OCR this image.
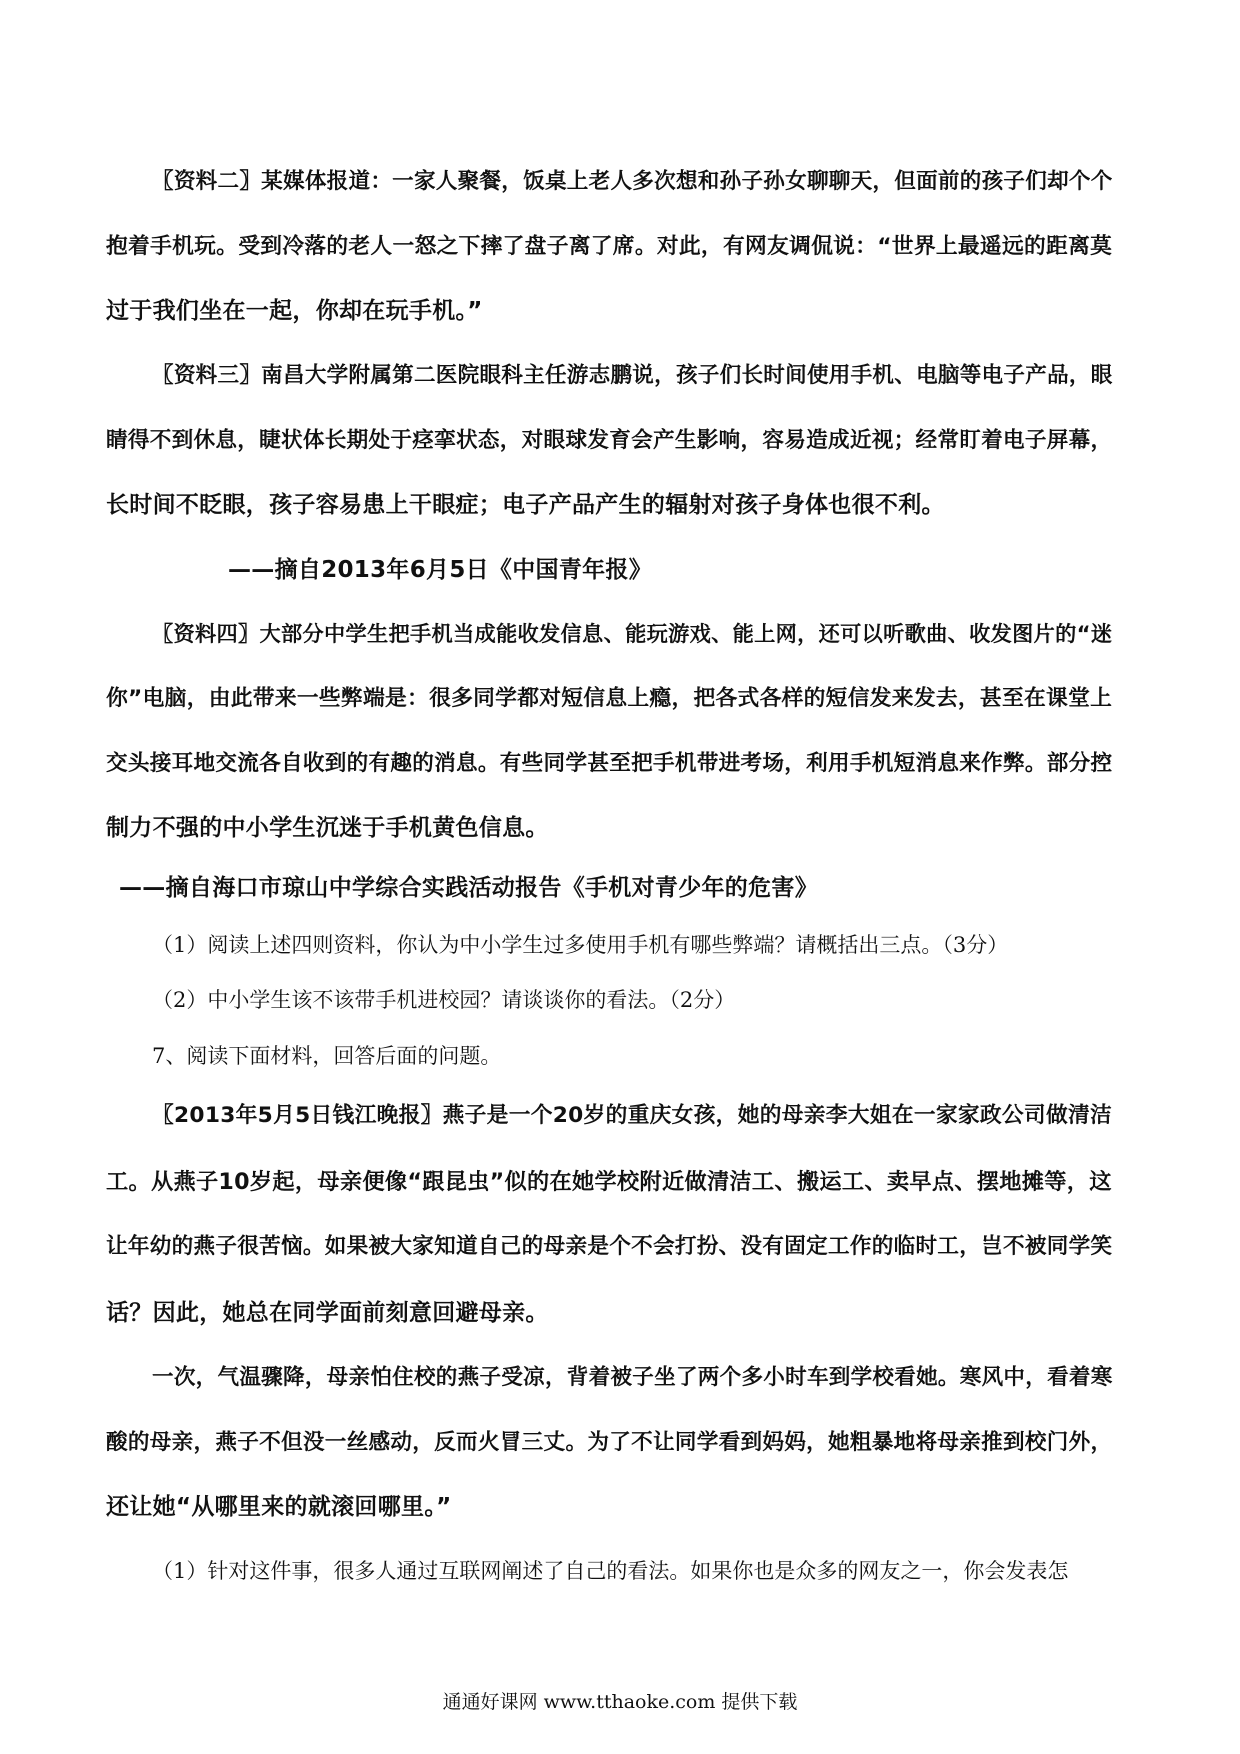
〖资料二〗某媒体报道：一家人聚餐，饭桌上老人多次想和孙子孙女聊聊天，但面前的孩子们却个个
抱着手机玩。受到冷落的老人一怒之下摔了盘子离了席。对此，有网友调侃说：“世界上最遥远的距离莫
过于我们坐在一起，你却在玩手机。”
〖资料三〗南昌大学附属第二医院眼科主任游志鹏说，孩子们长时间使用手机、电脑等电子产品，眼
睛得不到休息，睫状体长期处于痉挛状态，对眼球发育会产生影响，容易造成近视；经常盯着电子屏幕，
长时间不眨眼，孩子容易患上干眼症；电子产品产生的辐射对孩子身体也很不利。
——摘自2013年6月5日《中国青年报》
〖资料四〗大部分中学生把手机当成能收发信息、能玩游戏、能上网，还可以听歌曲、收发图片的“迷
你”电脑，由此带来一些弊端是：很多同学都对短信息上瘾，把各式各样的短信发来发去，甚至在课堂上
交头接耳地交流各自收到的有趣的消息。有些同学甚至把手机带进考场，利用手机短消息来作弊。部分控
制力不强的中小学生沉迷于手机黄色信息。
——摘自海口市琼山中学综合实践活动报告《手机对青少年的危害》
（1）阅读上述四则资料，你认为中小学生过多使用手机有哪些弊端？请概括出三点。（3分）
（2）中小学生该不该带手机进校园？请谈谈你的看法。（2分）
7、阅读下面材料，回答后面的问题。
〖2013年5月5日钱江晚报〗燕子是一个20岁的重庆女孩，她的母亲李大姐在一家家政公司做清洁
工。从燕子10岁起，母亲便像“跟昆虫”似的在她学校附近做清洁工、搬运工、卖早点、摆地摊等，这
让年幼的燕子很苦恼。如果被大家知道自己的母亲是个不会打扮、没有固定工作的临时工，岂不被同学笑
话？因此，她总在同学面前刻意回避母亲。
一次，气温骤降，母亲怕住校的燕子受凉，背着被子坐了两个多小时车到学校看她。寒风中，看着寒
酸的母亲，燕子不但没一丝感动，反而火冒三丈。为了不让同学看到妈妈，她粗暴地将母亲推到校门外，
还让她“从哪里来的就滚回哪里。”
（1）针对这件事，很多人通过互联网阐述了自己的看法。如果你也是众多的网友之一，你会发表怎
通通好课网 www.tthaoke.com 提供下载
